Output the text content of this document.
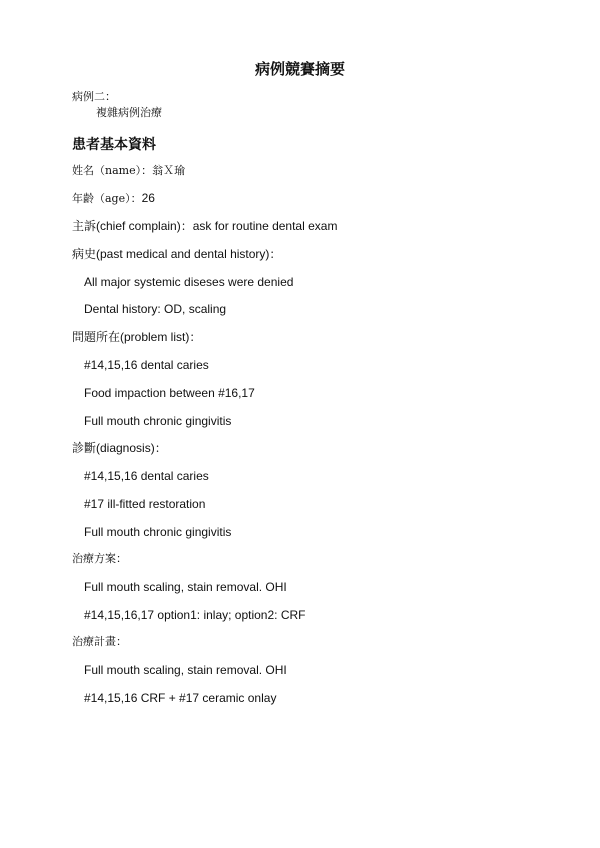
病例競賽摘要
病例二：
複雜病例治療
患者基本資料
姓名（name）：翁Ｘ瑜
年齡（age）：26
主訴(chief complain)：ask for routine dental exam
病史(past medical and dental history)：
All major systemic diseses were denied
Dental history: OD, scaling
問題所在(problem list)：
#14,15,16 dental caries
Food impaction between #16,17
Full mouth chronic gingivitis
診斷(diagnosis)：
#14,15,16 dental caries
#17 ill-fitted restoration
Full mouth chronic gingivitis
治療方案：
Full mouth scaling, stain removal. OHI
#14,15,16,17 option1: inlay; option2: CRF
治療計畫：
Full mouth scaling, stain removal. OHI
#14,15,16 CRF + #17 ceramic onlay
